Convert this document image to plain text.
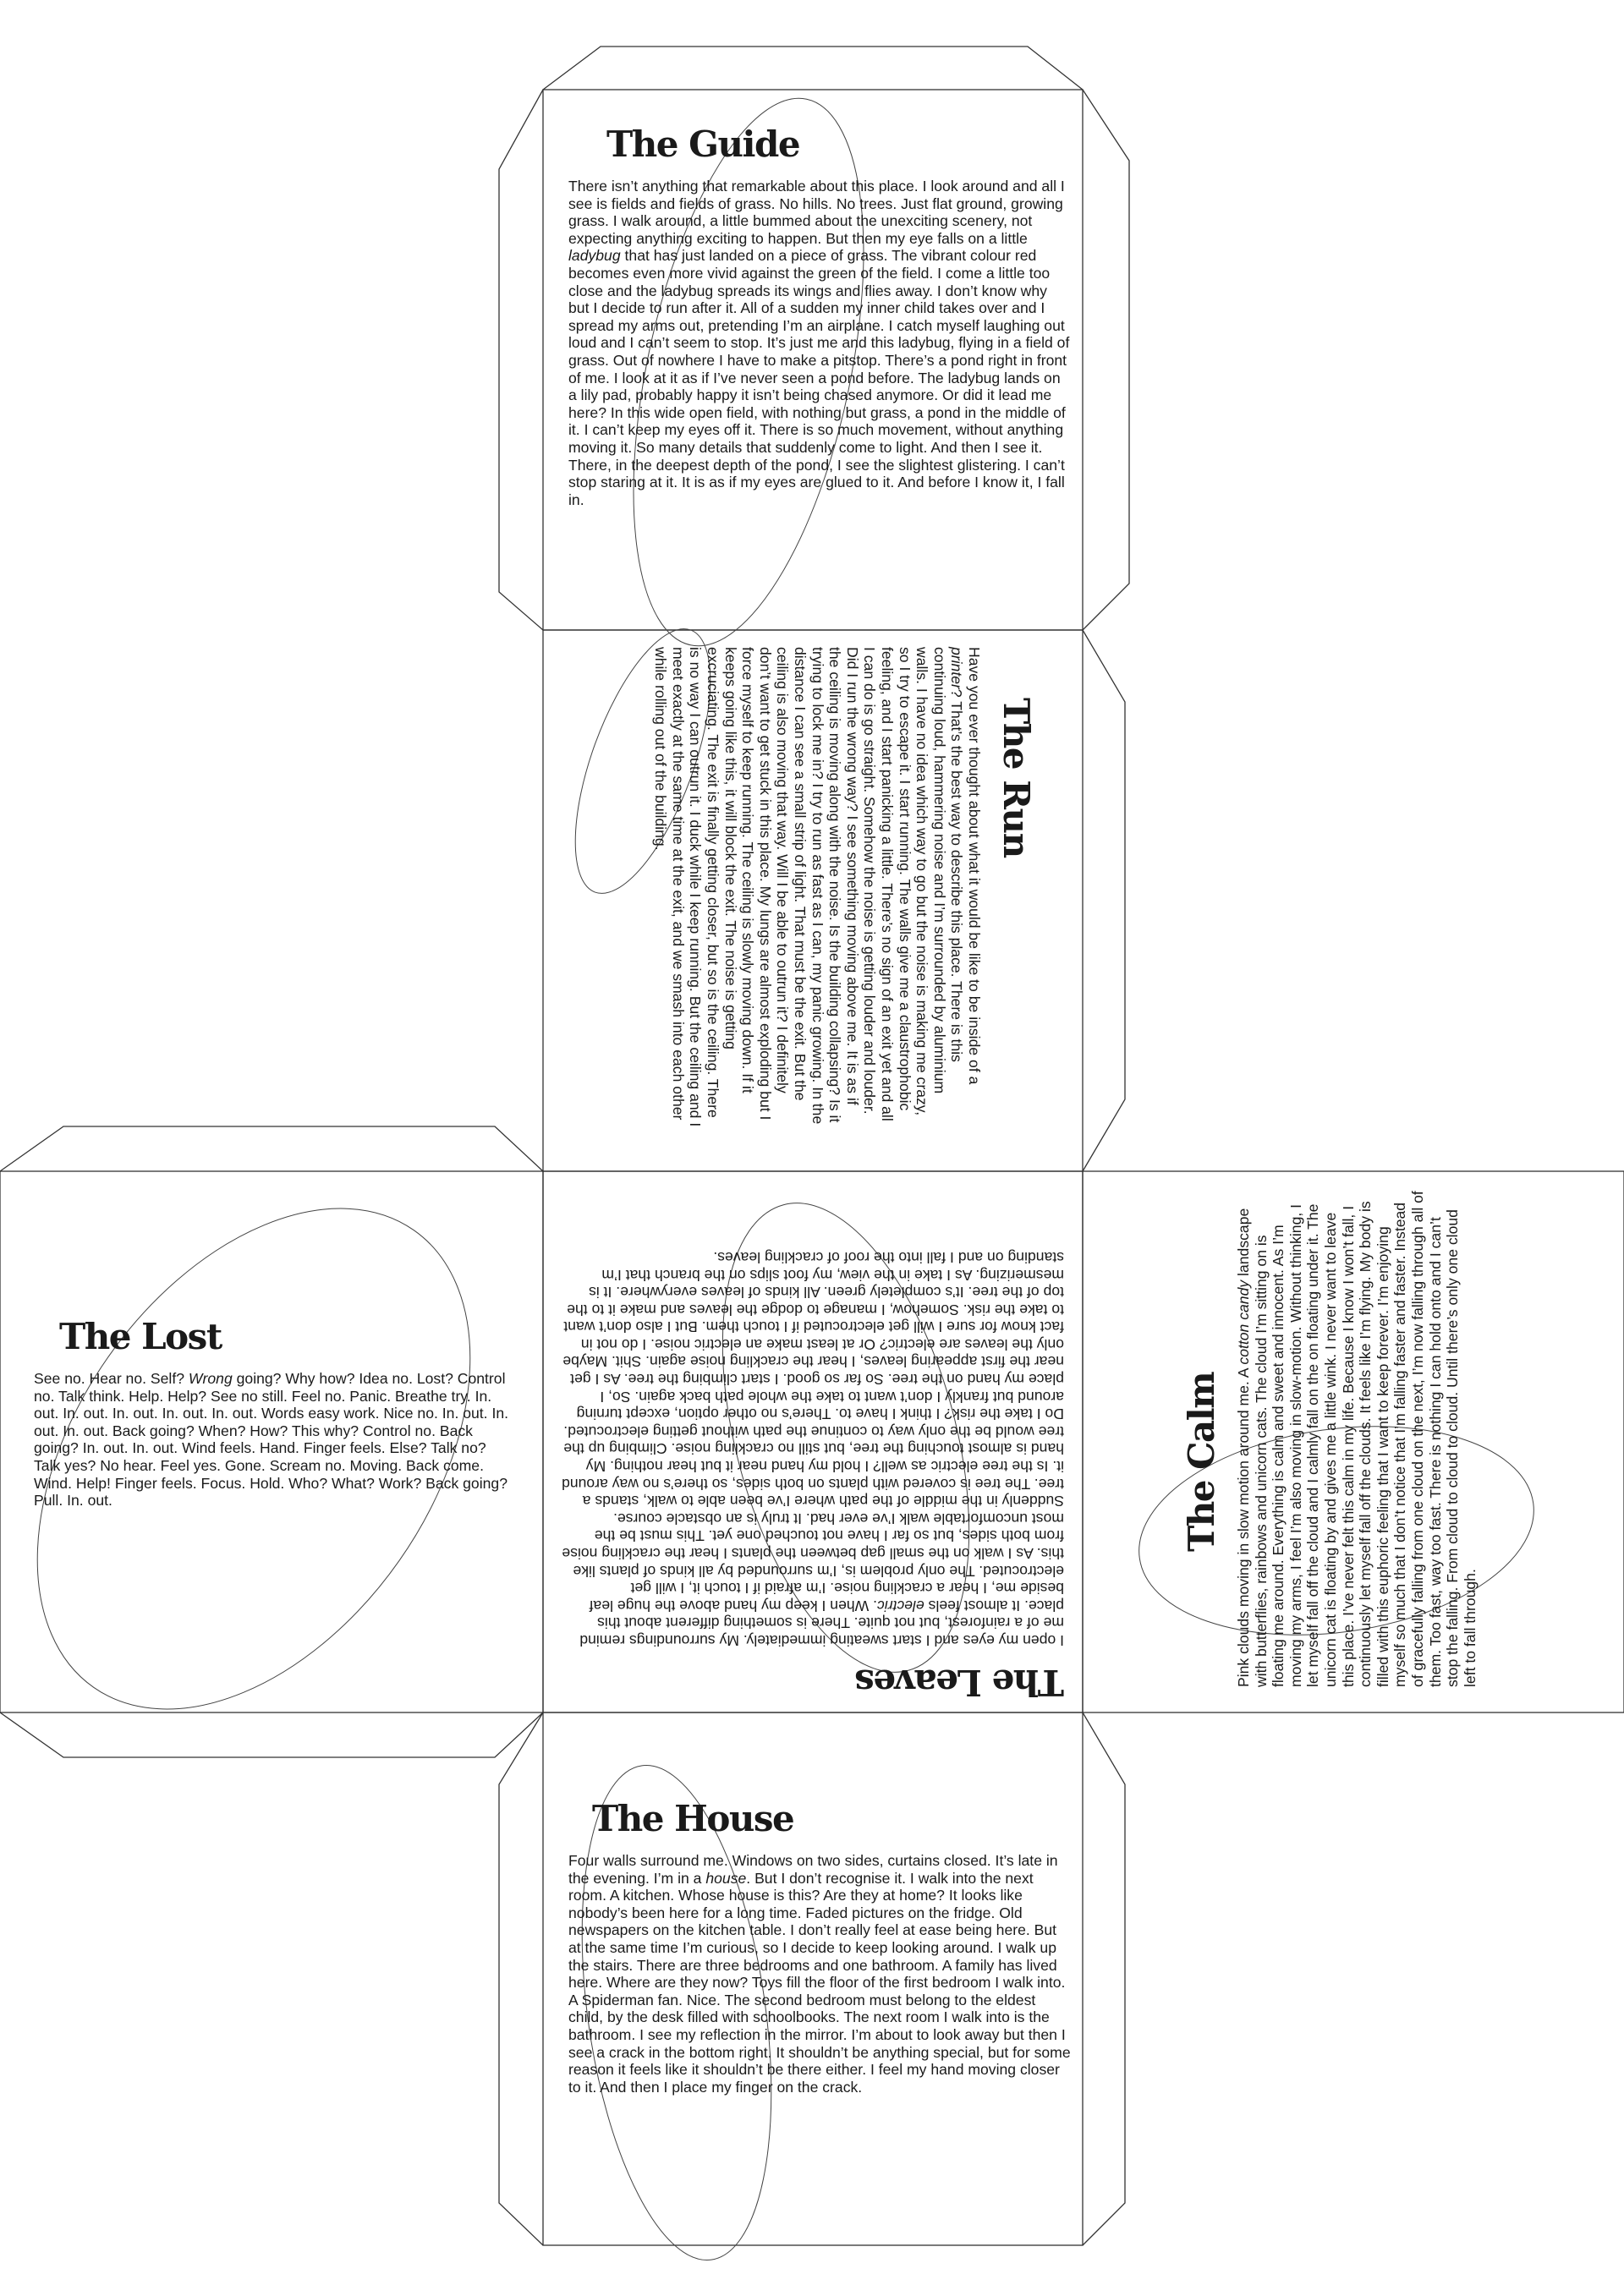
The Guide

There isn’t anything that remarkable about this place. I look around and all I see is fields and fields of grass. No hills. No trees. Just flat ground, growing grass. I walk around, a little bummed about the unexciting scenery, not expecting anything exciting to happen. But then my eye falls on a little ladybug that has just landed on a piece of grass. The vibrant colour red becomes even more vivid against the green of the field. I come a little too close and the ladybug spreads its wings and flies away. I don’t know why but I decide to run after it. All of a sudden my inner child takes over and I spread my arms out, pretending I’m an airplane. I catch myself laughing out loud and I can’t seem to stop. It’s just me and this ladybug, flying in a field of grass. Out of nowhere I have to make a pitstop. There’s a pond right in front of me. I look at it as if I’ve never seen a pond before. The ladybug lands on a lily pad, probably happy it isn’t being chased anymore. Or did it lead me here? In this wide open field, with nothing but grass, a pond in the middle of it. I can’t keep my eyes off it. There is so much movement, without anything moving it. So many details that suddenly come to light. And then I see it. There, in the deepest depth of the pond, I see the slightest glistering. I can’t stop staring at it. It is as if my eyes are glued to it. And before I know it, I fall in.

The Run

Have you ever thought about what it would be like to be inside of a printer? That’s the best way to describe this place. There is this continuing loud, hammering noise and I’m surrounded by aluminium walls. I have no idea which way to go but the noise is making me crazy, so I try to escape it. I start running. The walls give me a claustrophobic feeling, and I start panicking a little. There’s no sign of an exit yet and all I can do is go straight. Somehow the noise is getting louder and louder. Did I run the wrong way? I see something moving above me. It is as if the ceiling is moving along with the noise. Is the building collapsing? Is it trying to lock me in? I try to run as fast as I can, my panic growing. In the distance I can see a small strip of light. That must be the exit. But the ceiling is also moving that way. Will I be able to outrun it? I definitely don’t want to get stuck in this place. My lungs are almost exploding but I force myself to keep running. The ceiling is slowly moving down. If it keeps going like this, it will block the exit. The noise is getting excruciating. The exit is finally getting closer, but so is the ceiling. There is no way I can outrun it. I duck while I keep running. But the ceiling and I meet exactly at the same time at the exit, and we smash into each other while rolling out of the building.

The Lost

See no. Hear no. Self? Wrong going? Why how? Idea no. Lost? Control no. Talk think. Help. Help? See no still. Feel no. Panic. Breathe try. In. out. In. out. In. out. In. out. In. out. Words easy work. Nice no. In. out. In. out. In. out. Back going? When? How? This why? Control no. Back going? In. out. In. out. Wind feels. Hand. Finger feels. Else? Talk no? Talk yes? No hear. Feel yes. Gone. Scream no. Moving. Back come. Wind. Help! Finger feels. Focus. Hold. Who? What? Work? Back going? Pull. In. out.

The Leaves

I open my eyes and I start sweating immediately. My surroundings remind me of a rainforest, but not quite. There is something different about this place. It almost feels electric. When I keep my hand above the huge leaf beside me, I hear a crackling noise. I’m afraid if I touch it, I will get electrocuted. The only problem is, I’m surrounded by all kinds of plants like this. As I walk on the small gap between the plants I hear the crackling noise from both sides, but so far I have not touched one yet. This must be the most uncomfortable walk I’ve ever had. It truly is an obstacle course. Suddenly in the middle of the path where I’ve been able to walk, stands a tree. The tree is covered with plants on both sides, so there’s no way around it. Is the tree electric as well? I hold my hand near it but hear nothing. My hand is almost touching the tree, but still no crackling noise. Climbing up the tree would be the only way to continue the path without getting electrocuted. Do I take the risk? I think I have to. There’s no other option, except turning around but frankly I don’t want to take the whole path back again. So, I place my hand on the tree. So far so good. I start climbing the tree. As I get near the first appearing leaves, I hear the crackling noise again. Shit. Maybe only the leaves are electric? Or at least make an electric noise. I do not in fact know for sure I will get electrocuted if I touch them. But I also don’t want to take the risk. Somehow, I manage to dodge the leaves and make it to the top of the tree. It’s completely green. All kinds of leaves everywhere. It is mesmerizing. As I take in the view, my foot slips on the branch that I’m standing on and I fall into the roof of crackling leaves.

The Calm Pink clouds moving in slow motion around me. A cotton candy landscape with butterflies, rainbows and unicorn cats. The cloud I’m sitting on is floating me around. Everything is calm and sweet and innocent. As I’m moving my arms, I feel I’m also moving in slow-motion. Without thinking, I let myself fall off the cloud and I calmly fall on the on floating under it. The unicorn cat is floating by and gives me a little wink. I never want to leave this place. I’ve never felt this calm in my life. Because I know I won’t fall, I continuously let myself fall off the clouds. It feels like I’m flying. My body is filled with this euphoric feeling that I want to keep forever. I’m enjoying myself so much that I don’t notice that I’m falling faster and faster. Instead of gracefully falling from one cloud on the next, I’m now falling through all of them. Too fast, way too fast. There is nothing I can hold onto and I can’t stop the falling. From cloud to cloud to cloud. Until there’s only one cloud left to fall through.

The House

Four walls surround me. Windows on two sides, curtains closed. It’s late in the evening. I’m in a house. But I don’t recognise it. I walk into the next room. A kitchen. Whose house is this? Are they at home? It looks like nobody’s been here for a long time. Faded pictures on the fridge. Old newspapers on the kitchen table. I don’t really feel at ease being here. But at the same time I’m curious, so I decide to keep looking around. I walk up the stairs. There are three bedrooms and one bathroom. A family has lived here. Where are they now? Toys fill the floor of the first bedroom I walk into. A Spiderman fan. Nice. The second bedroom must belong to the eldest child, by the desk filled with schoolbooks. The next room I walk into is the bathroom. I see my reflection in the mirror. I’m about to look away but then I see a crack in the bottom right. It shouldn’t be anything special, but for some reason it feels like it shouldn’t be there either. I feel my hand moving closer to it. And then I place my finger on the crack.
